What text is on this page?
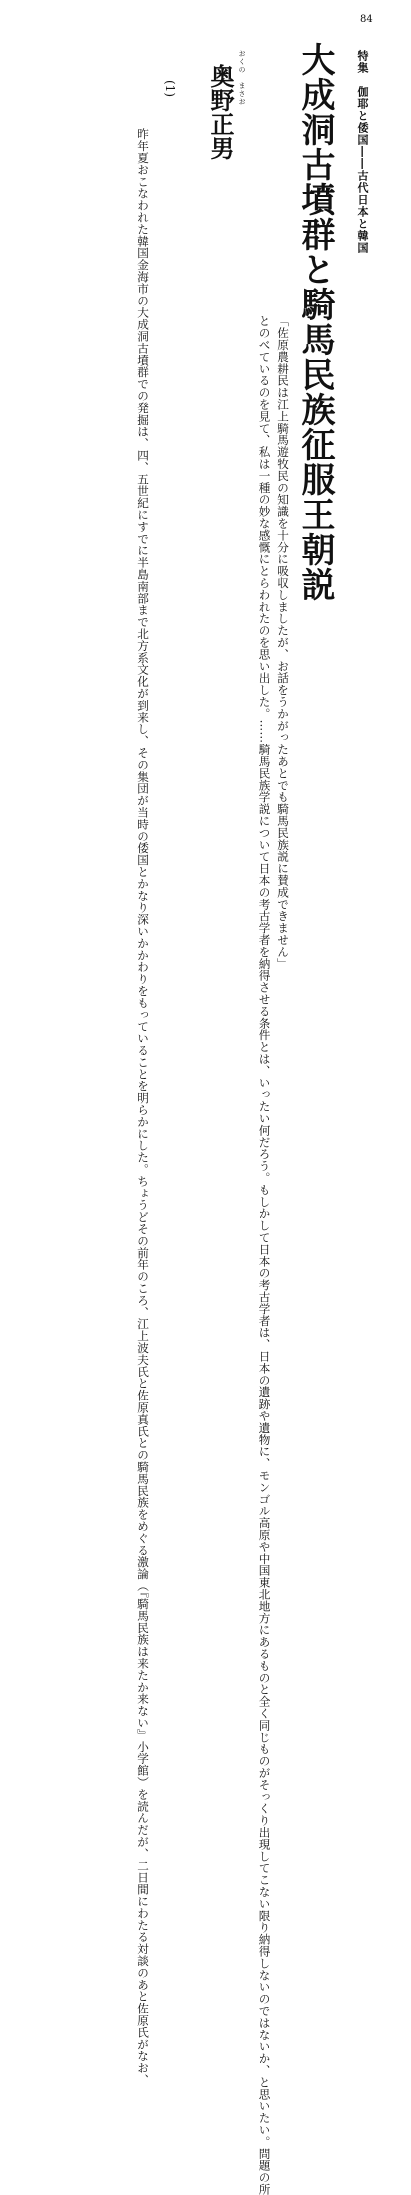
84
特集　伽耶と倭国――古代日本と韓国
大成洞古墳群と騎馬民族征服王朝説
おくの　まさお
奥野正男
(1)
「佐原農耕民は江上騎馬遊牧民の知識を十分に吸収しましたが、お話をうかがったあとでも騎馬民族説に賛成できません」
とのべているのを見て、私は一種の妙な感慨にとらわれたのを思い出した。……騎馬民族学説について日本の考古学者を納得させる条件とは、いったい何だろう。もしかして日本の考古学者は、日本の遺跡や遺物に、モンゴル高原や中国東北地方にあるものと全く同じものがそっくり出現してこない限り納得しないのではないか、と思いたい。問題の所
昨年夏おこなわれた韓国金海市の大成洞古墳群での発掘は、四、五世紀にすでに半島南部まで北方系文化が到来し、その集団が当時の倭国とかなり深いかかわりをもっていることを明らかにした。ちょうどその前年のころ、江上波夫氏と佐原真氏との騎馬民族をめぐる激論（『騎馬民族は来たか来ない』小学館）を読んだが、二日間にわたる対談のあと佐原氏がなお、
